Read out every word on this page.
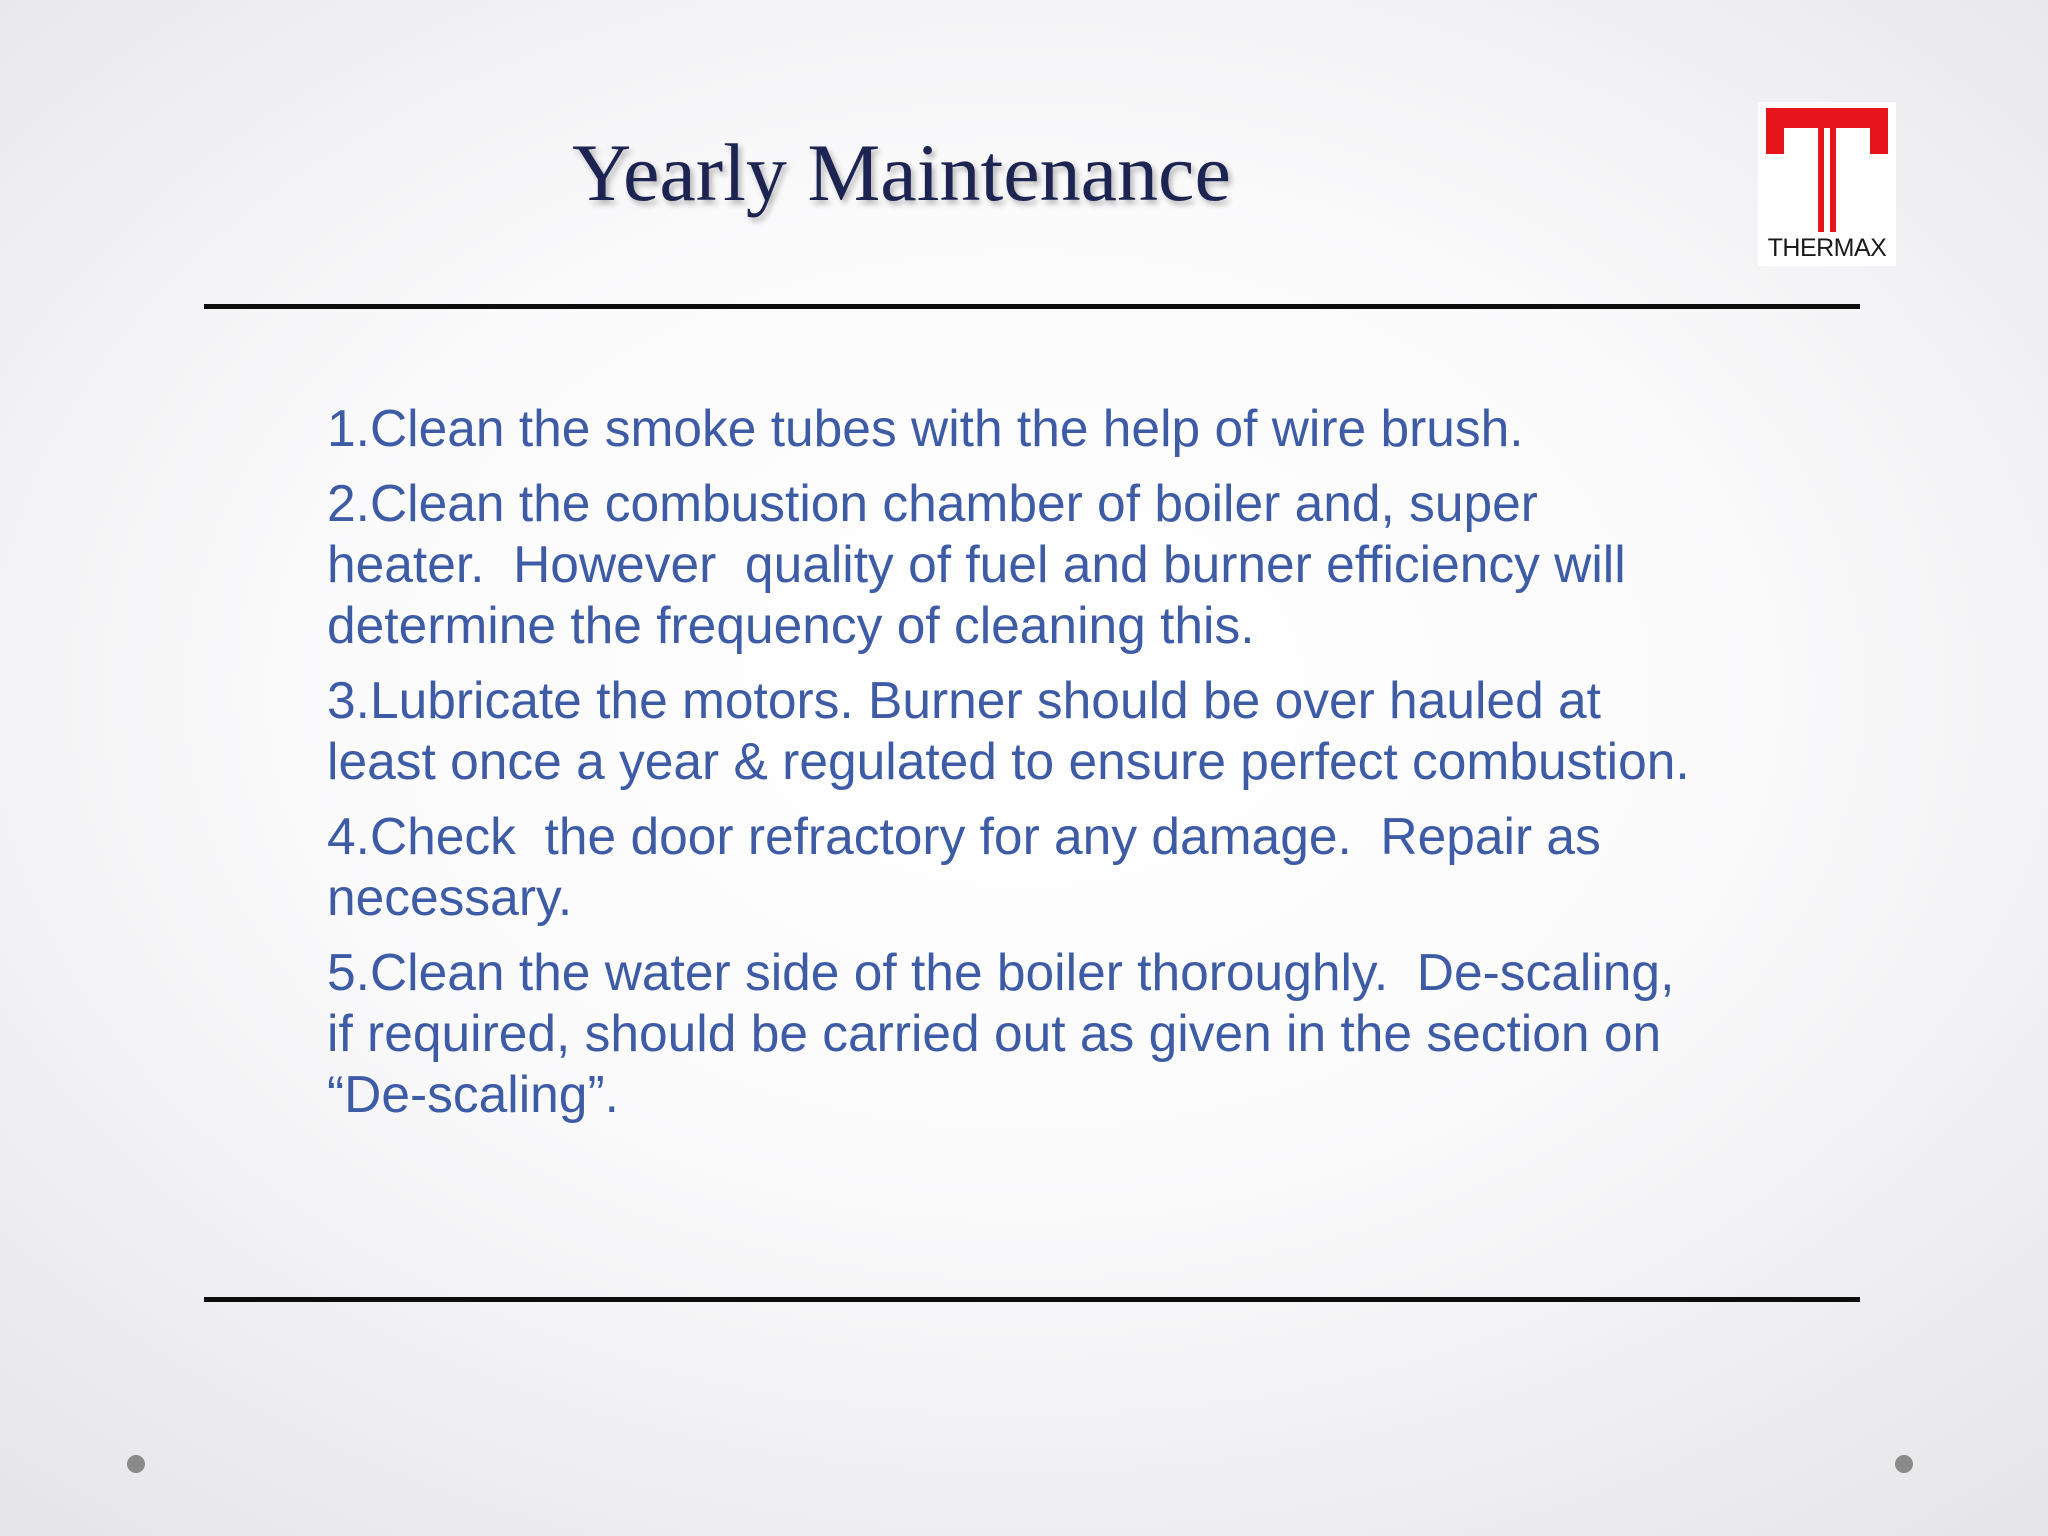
Yearly Maintenance
THERMAX
1.Clean the smoke tubes with the help of wire brush.
2.Clean the combustion chamber of boiler and, super heater.  However  quality of fuel and burner efficiency will determine the frequency of cleaning this.
3.Lubricate the motors. Burner should be over hauled at least once a year & regulated to ensure perfect combustion.
4.Check  the door refractory for any damage.  Repair as necessary.
5.Clean the water side of the boiler thoroughly.  De-scaling, if required, should be carried out as given in the section on “De-scaling”.
